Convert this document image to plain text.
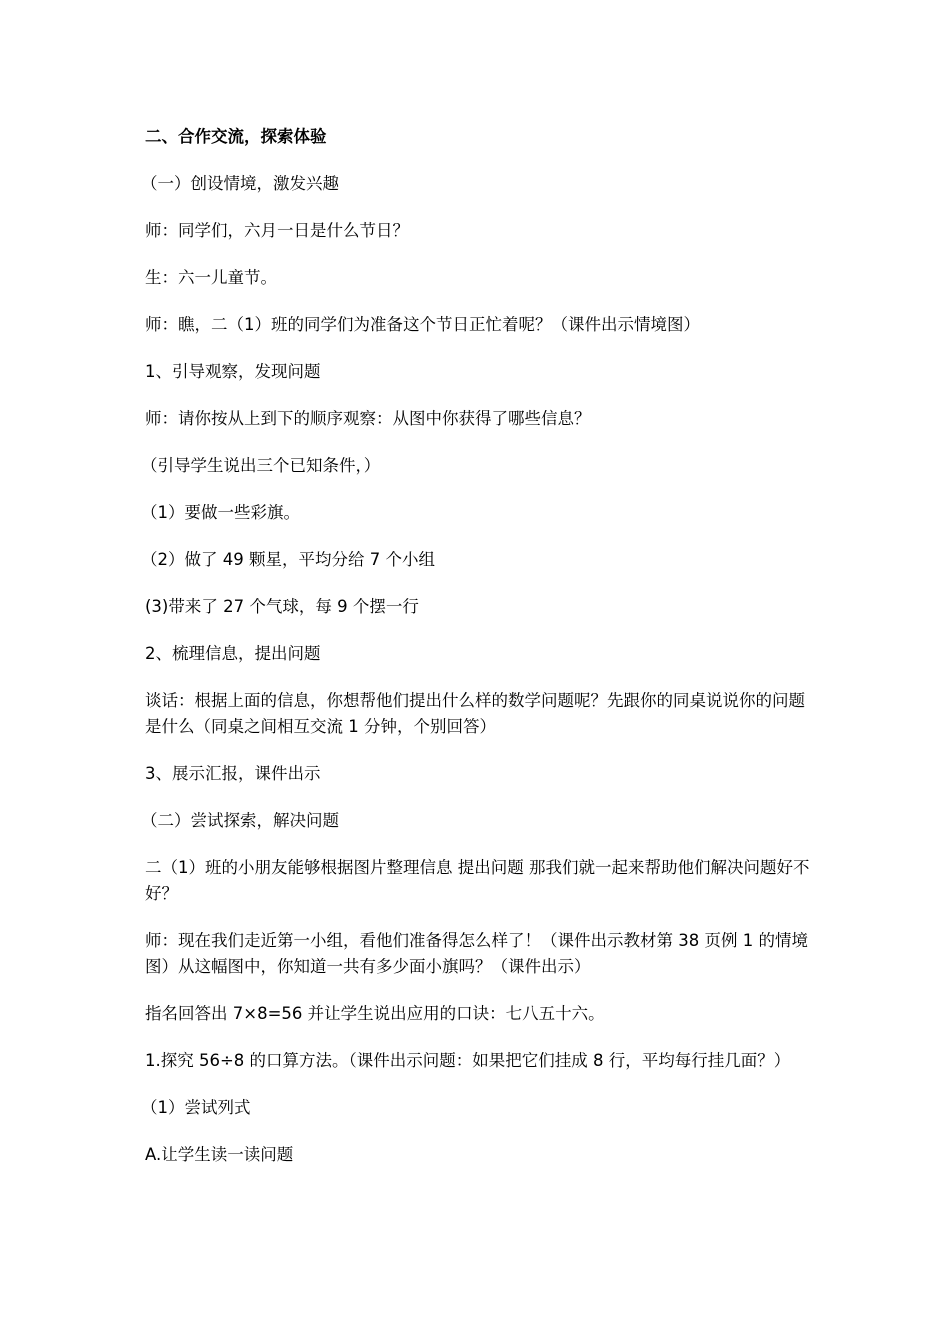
二、合作交流，探索体验

（一）创设情境，激发兴趣

师：同学们，六月一日是什么节日？

生：六一儿童节。

师：瞧，二（1）班的同学们为准备这个节日正忙着呢？（课件出示情境图）

1、引导观察，发现问题

师：请你按从上到下的顺序观察：从图中你获得了哪些信息？

（引导学生说出三个已知条件，）

（1）要做一些彩旗。

（2）做了 49 颗星，平均分给 7 个小组

(3)带来了 27 个气球，每 9 个摆一行

2、梳理信息，提出问题

谈话：根据上面的信息，你想帮他们提出什么样的数学问题呢？先跟你的同桌说说你的问题是什么（同桌之间相互交流 1 分钟，个别回答）

3、展示汇报，课件出示

（二）尝试探索，解决问题

二（1）班的小朋友能够根据图片整理信息 提出问题 那我们就一起来帮助他们解决问题好不好？

师：现在我们走近第一小组，看他们准备得怎么样了！（课件出示教材第 38 页例 1 的情境图）从这幅图中，你知道一共有多少面小旗吗？（课件出示）

指名回答出 7×8=56 并让学生说出应用的口诀：七八五十六。

1.探究 56÷8 的口算方法。（课件出示问题：如果把它们挂成 8 行，平均每行挂几面？）

（1）尝试列式

A.让学生读一读问题
